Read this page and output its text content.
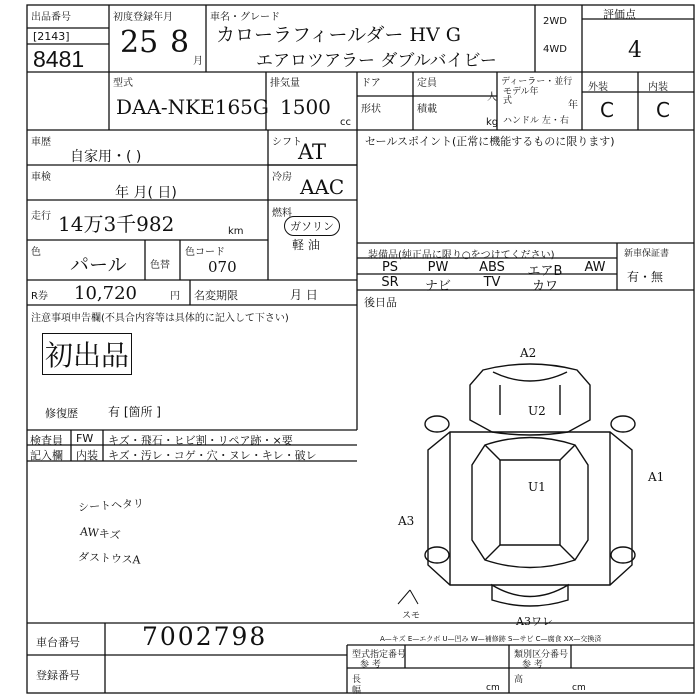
出品番号
[2143]
8481
初度登録年月
25 8
月
車名・グレード
カローラフィールダー HV G
エアロツアラー ダブルバイビー
2WD
4WD
評価点
4
型式
DAA-NKE165G
排気量
1500
cc
ドア
形状
定員
人
積載
kg
ディーラー・並行
モデル年式	年
ハンドル 左・右
外装	内装
C C
車歴
自家用・( )
車検
年 月( 日)
走行 14万3千982	km
色
パール 色替
色コード
070
シフト
AT
冷房 AAC
燃料
ガソリン
軽 油
R券 10,720	円 名変期限	月 日
注意事項申告欄(不具合内容等は具体的に記入して下さい)
初出品
修復歴	有 [箇所 ]
検査員
記入欄
FW キズ・飛石・ヒビ割・リペア跡・×要
内装 キズ・汚レ・コゲ・穴・ヌレ・キレ・破レ
シートヘタリ
AWキズ
ダストウスA
セールスポイント(正常に機能するものに限ります)
装備品(純正品に限り○をつけてください)	新車保証書
有・無
PS	PW	ABS	エアB	AW
SR	ナビ	TV	カワ
後日品
A2
U2
U1
A1
A3
A3ワレ
スモ
A—キズ E—エクボ U—凹み W—補修跡 S—サビ C—腐食 XX—交換済
車台番号 7002798
登録番号
型式指定番号
参 考
類別区分番号
参 考
長
幅
高
cm	cm
